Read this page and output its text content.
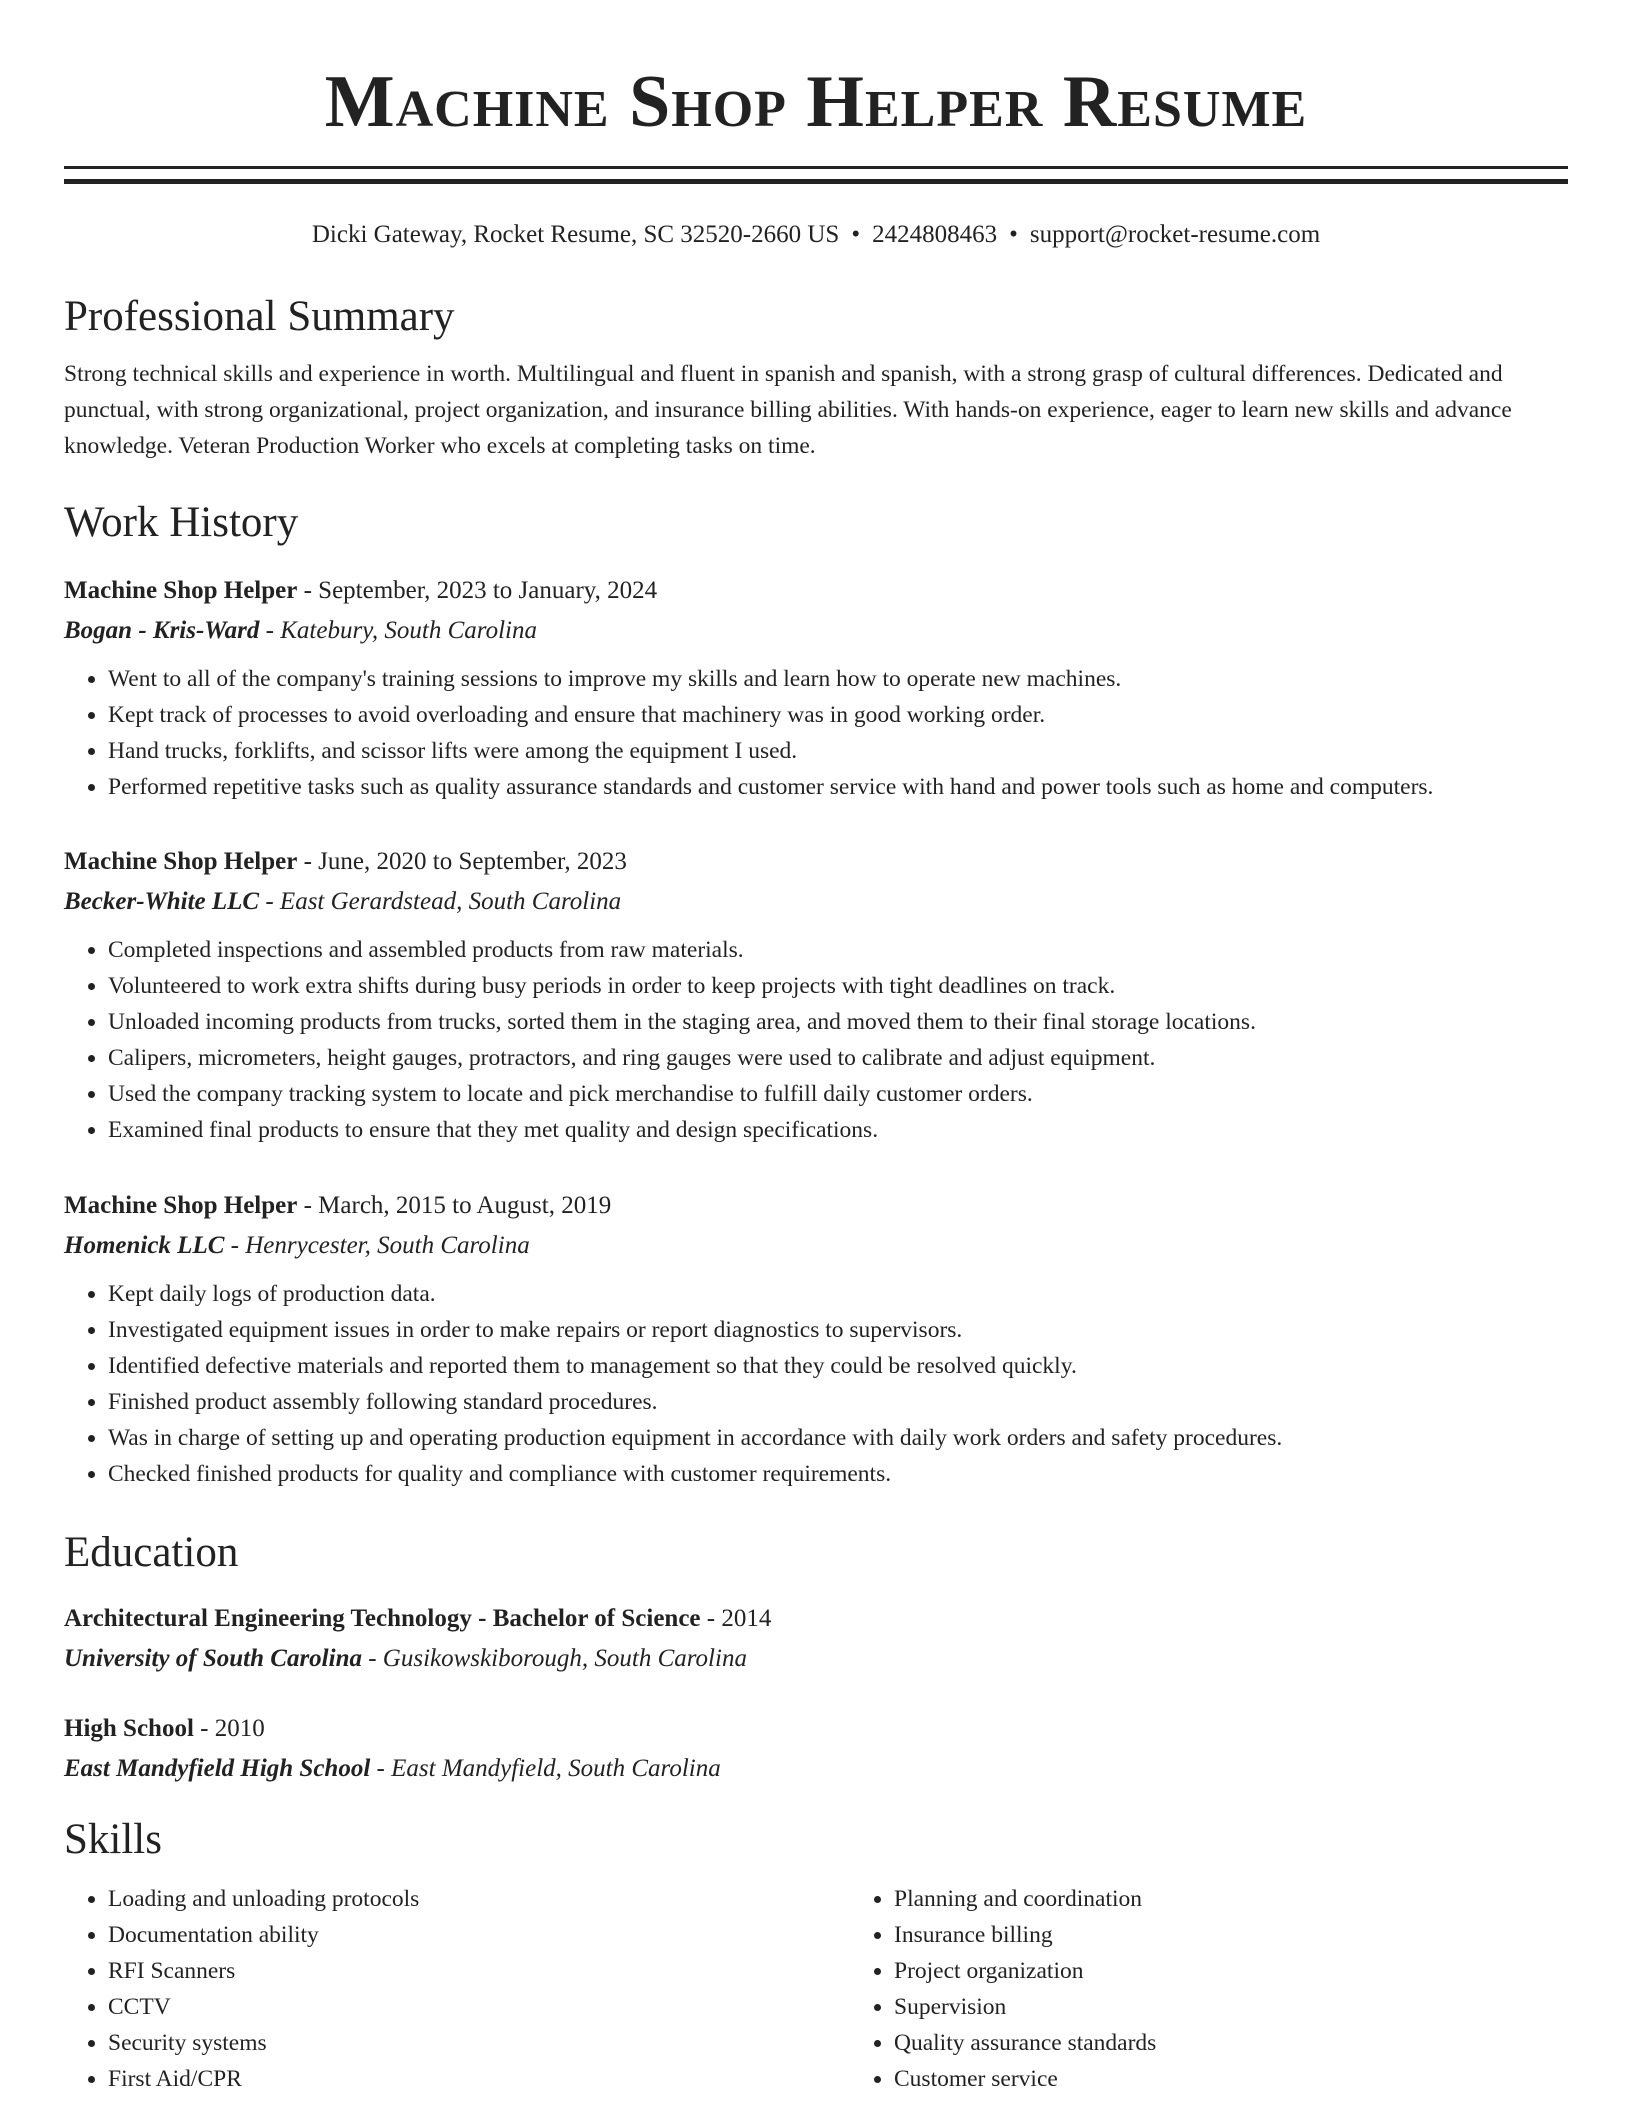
Machine Shop Helper Resume
Dicki Gateway, Rocket Resume, SC 32520-2660 US • 2424808463 • support@rocket-resume.com
Professional Summary

Strong technical skills and experience in worth. Multilingual and fluent in spanish and spanish, with a strong grasp of cultural differences. Dedicated and punctual, with strong organizational, project organization, and insurance billing abilities. With hands-on experience, eager to learn new skills and advance knowledge. Veteran Production Worker who excels at completing tasks on time.

Work History
Machine Shop Helper - September, 2023 to January, 2024
Bogan - Kris-Ward - Katebury, South Carolina
• Went to all of the company's training sessions to improve my skills and learn how to operate new machines.
• Kept track of processes to avoid overloading and ensure that machinery was in good working order.
• Hand trucks, forklifts, and scissor lifts were among the equipment I used.
• Performed repetitive tasks such as quality assurance standards and customer service with hand and power tools such as home and computers.
Machine Shop Helper - June, 2020 to September, 2023
Becker-White LLC - East Gerardstead, South Carolina
• Completed inspections and assembled products from raw materials.
• Volunteered to work extra shifts during busy periods in order to keep projects with tight deadlines on track.
• Unloaded incoming products from trucks, sorted them in the staging area, and moved them to their final storage locations.
• Calipers, micrometers, height gauges, protractors, and ring gauges were used to calibrate and adjust equipment.
• Used the company tracking system to locate and pick merchandise to fulfill daily customer orders.
• Examined final products to ensure that they met quality and design specifications.
Machine Shop Helper - March, 2015 to August, 2019
Homenick LLC - Henrycester, South Carolina
• Kept daily logs of production data.
• Investigated equipment issues in order to make repairs or report diagnostics to supervisors.
• Identified defective materials and reported them to management so that they could be resolved quickly.
• Finished product assembly following standard procedures.
• Was in charge of setting up and operating production equipment in accordance with daily work orders and safety procedures.
• Checked finished products for quality and compliance with customer requirements.
Education
Architectural Engineering Technology - Bachelor of Science - 2014
University of South Carolina - Gusikowskiborough, South Carolina
High School - 2010
East Mandyfield High School - East Mandyfield, South Carolina
Skills
• Loading and unloading protocols
• Documentation ability
• RFI Scanners
• CCTV
• Security systems
• First Aid/CPR
• Planning and coordination
• Insurance billing
• Project organization
• Supervision
• Quality assurance standards
• Customer service
